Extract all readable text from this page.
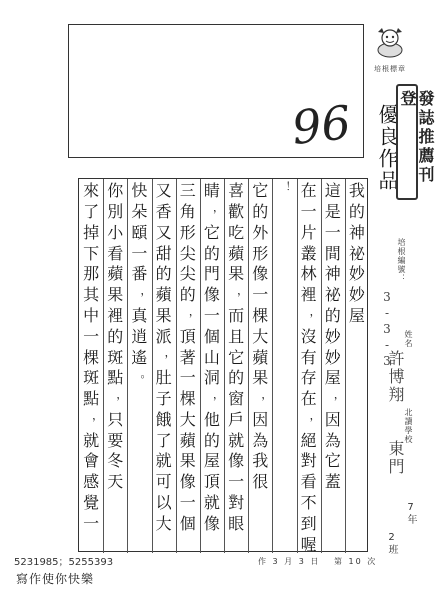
96
培根標章
優良作品	發誌推薦刊登
培根編號：
3-3-3 姓名
許博翔
北讀學校
東門
7年
2班
我
的
神
祕
妙
妙
屋
這
是
一
間
神
祕
的
妙
妙
屋
，
因
為
它
蓋
在
一
片
叢
林
裡
，
沒
有
存
在
，
絕
對
看
不
到
喔
！
它
的
外
形
像
一
棵
大
蘋
果
，
因
為
我
很
喜
歡
吃
蘋
果
，
而
且
它
的
窗
戶
就
像
一
對
眼
睛
，
它
的
門
像
一
個
山
洞
，
他
的
屋
頂
就
像
三
角
形
尖
尖
的
，
頂
著
一
棵
大
蘋
果
像
一
個
又
香
又
甜
的
蘋
果
派
，
肚
子
餓
了
就
可
以
大
快
朵
頤
一
番
，
真
逍
遙
。
你
別
小
看
蘋
果
裡
的
斑
點
，
只
要
冬
天
來
了
掉
下
那
其
中
一
棵
斑
點
，
就
會
感
覺
一
5231985；5255393
寫作使你快樂
作 3 月 3 日 第 10 次
